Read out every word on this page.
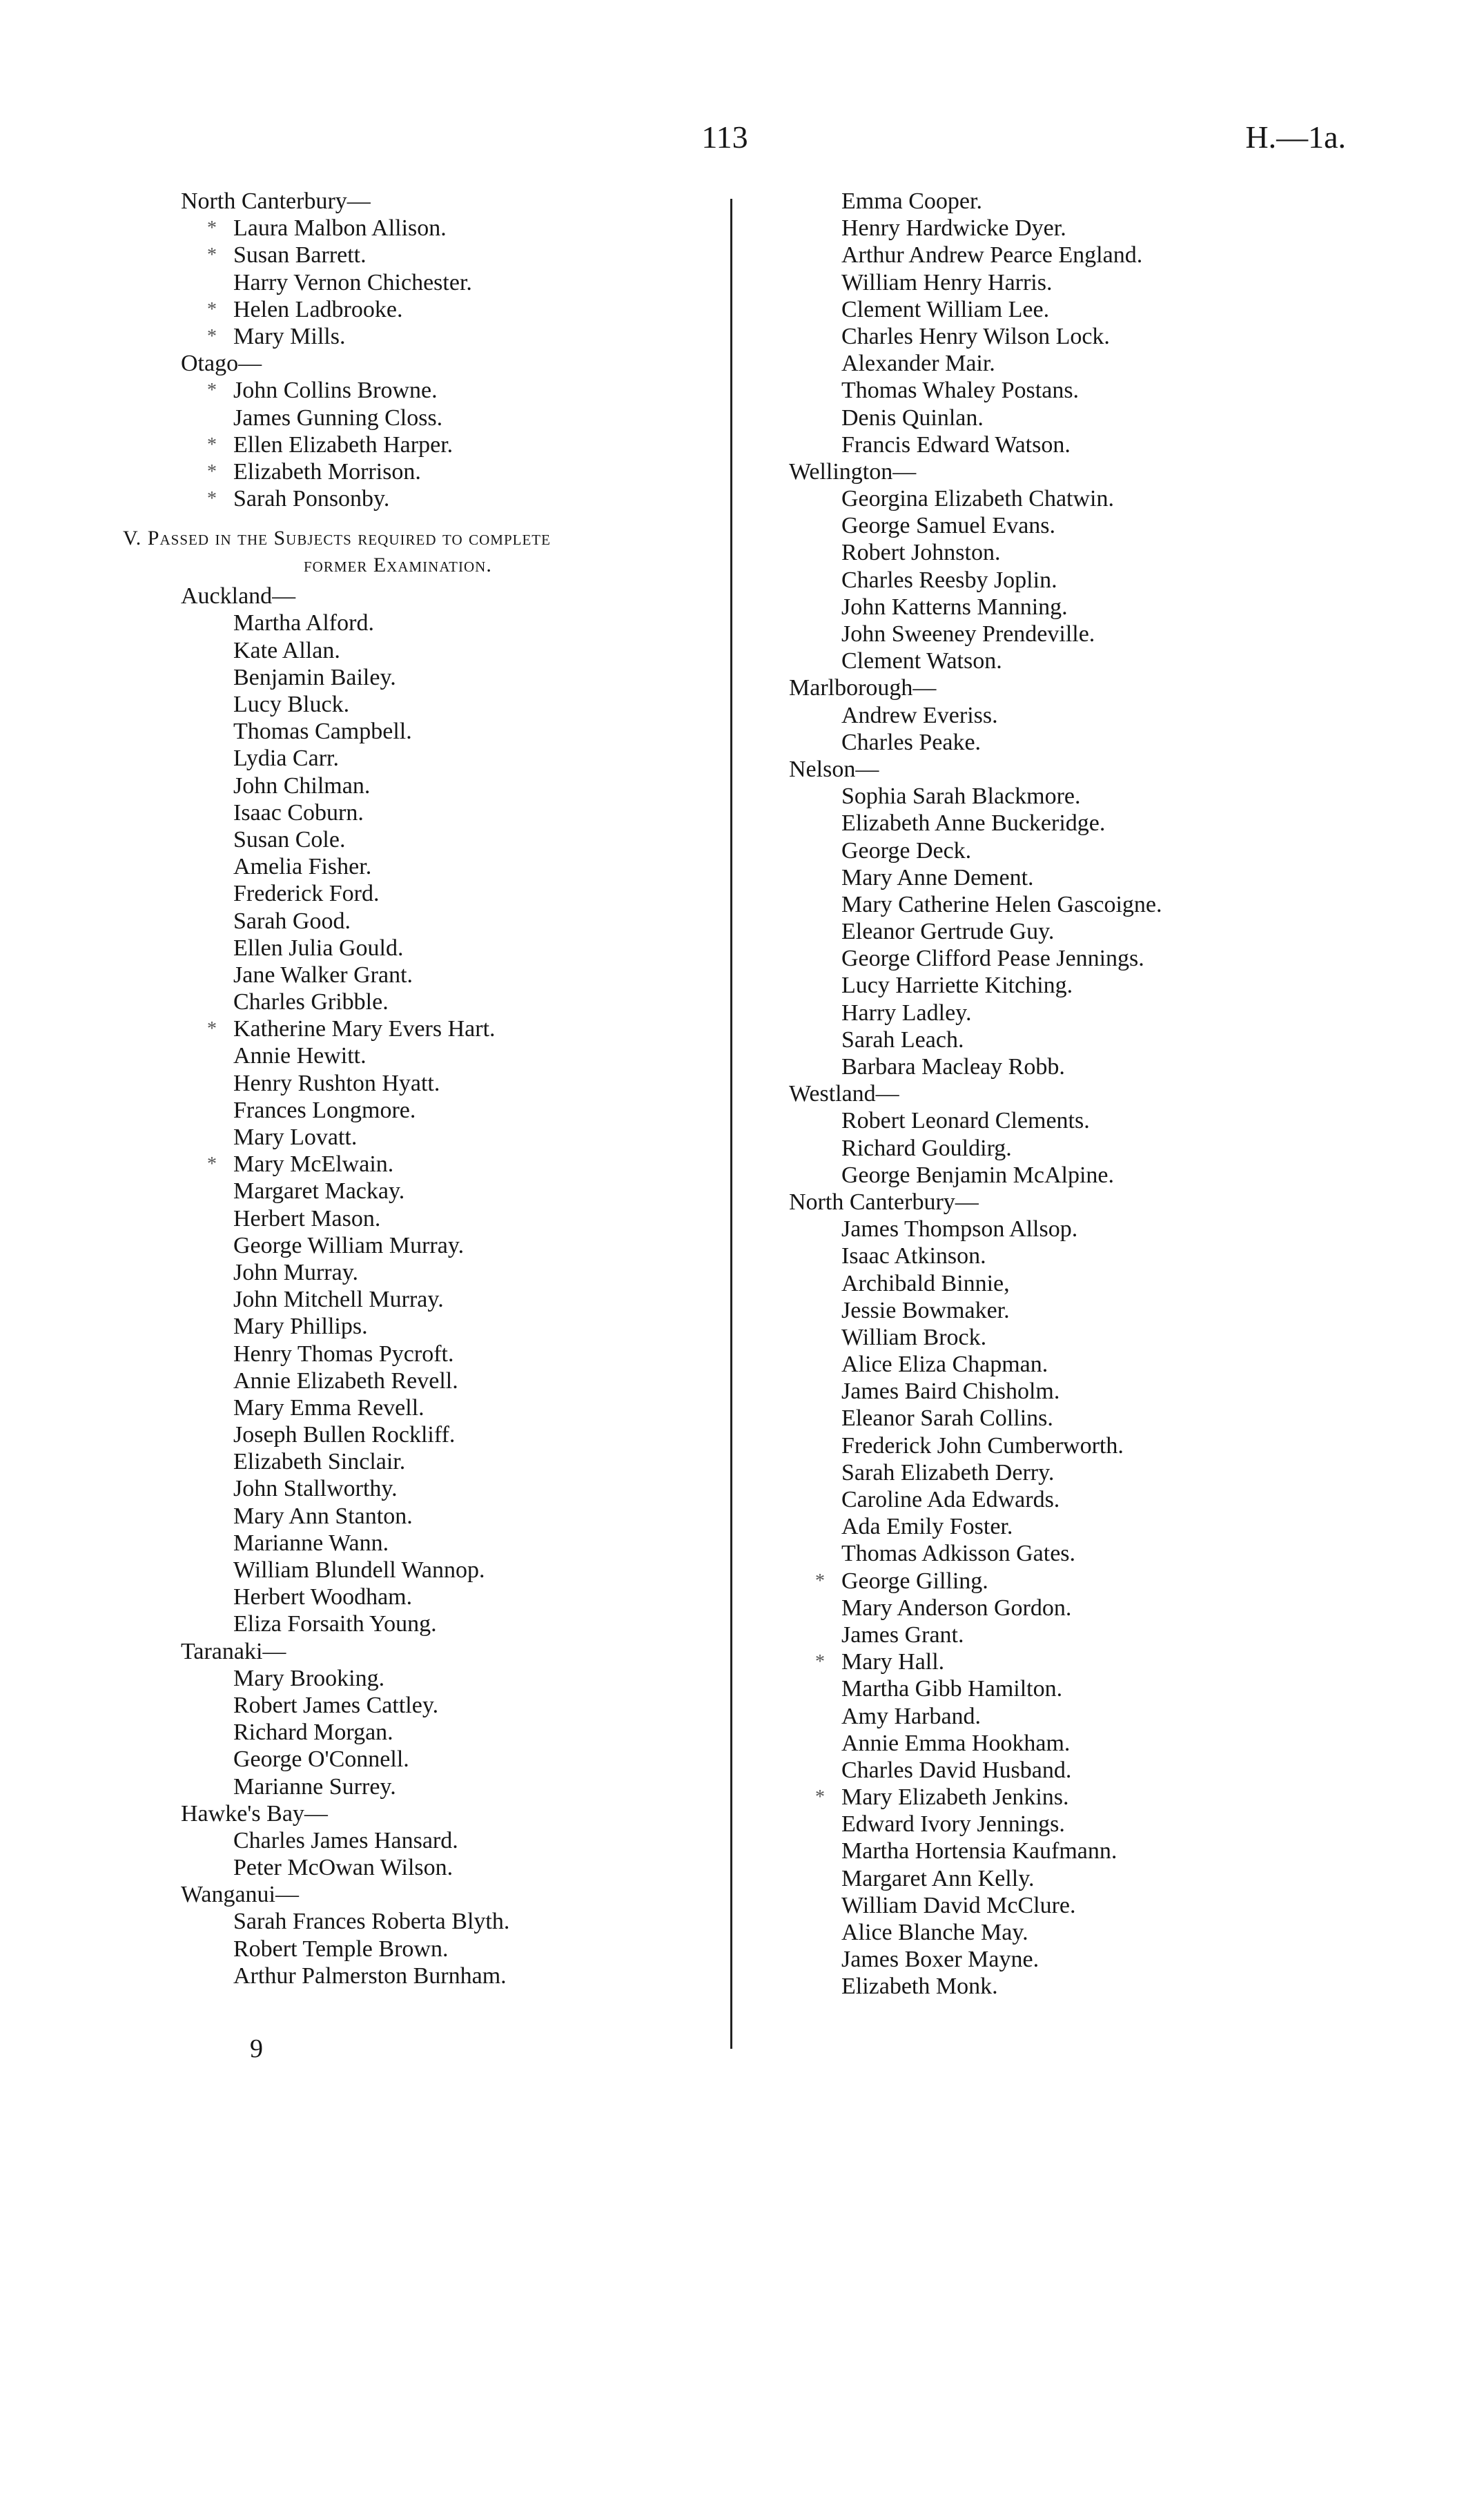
113	H.—1a.
North Canterbury—
* Laura Malbon Allison.
* Susan Barrett.
Harry Vernon Chichester.
* Helen Ladbrooke.
* Mary Mills.
Otago—
* John Collins Browne.
James Gunning Closs.
* Ellen Elizabeth Harper.
* Elizabeth Morrison.
* Sarah Ponsonby.
V. Passed in the Subjects required to complete
former Examination.
Auckland—
Martha Alford.
Kate Allan.
Benjamin Bailey.
Lucy Bluck.
Thomas Campbell.
Lydia Carr.
John Chilman.
Isaac Coburn.
Susan Cole.
Amelia Fisher.
Frederick Ford.
Sarah Good.
Ellen Julia Gould.
Jane Walker Grant.
Charles Gribble.
* Katherine Mary Evers Hart.
Annie Hewitt.
Henry Rushton Hyatt.
Frances Longmore.
Mary Lovatt.
* Mary McElwain.
Margaret Mackay.
Herbert Mason.
George William Murray.
John Murray.
John Mitchell Murray.
Mary Phillips.
Henry Thomas Pycroft.
Annie Elizabeth Revell.
Mary Emma Revell.
Joseph Bullen Rockliff.
Elizabeth Sinclair.
John Stallworthy.
Mary Ann Stanton.
Marianne Wann.
William Blundell Wannop.
Herbert Woodham.
Eliza Forsaith Young.
Taranaki—
Mary Brooking.
Robert James Cattley.
Richard Morgan.
George O'Connell.
Marianne Surrey.
Hawke's Bay—
Charles James Hansard.
Peter McOwan Wilson.
Wanganui—
Sarah Frances Roberta Blyth.
Robert Temple Brown.
Arthur Palmerston Burnham.
Emma Cooper.
Henry Hardwicke Dyer.
Arthur Andrew Pearce England.
William Henry Harris.
Clement William Lee.
Charles Henry Wilson Lock.
Alexander Mair.
Thomas Whaley Postans.
Denis Quinlan.
Francis Edward Watson.
Wellington—
Georgina Elizabeth Chatwin.
George Samuel Evans.
Robert Johnston.
Charles Reesby Joplin.
John Katterns Manning.
John Sweeney Prendeville.
Clement Watson.
Marlborough—
Andrew Everiss.
Charles Peake.
Nelson—
Sophia Sarah Blackmore.
Elizabeth Anne Buckeridge.
George Deck.
Mary Anne Dement.
Mary Catherine Helen Gascoigne.
Eleanor Gertrude Guy.
George Clifford Pease Jennings.
Lucy Harriette Kitching.
Harry Ladley.
Sarah Leach.
Barbara Macleay Robb.
Westland—
Robert Leonard Clements.
Richard Gouldirg.
George Benjamin McAlpine.
North Canterbury—
James Thompson Allsop.
Isaac Atkinson.
Archibald Binnie,
Jessie Bowmaker.
William Brock.
Alice Eliza Chapman.
James Baird Chisholm.
Eleanor Sarah Collins.
Frederick John Cumberworth.
Sarah Elizabeth Derry.
Caroline Ada Edwards.
Ada Emily Foster.
Thomas Adkisson Gates.
* George Gilling.
Mary Anderson Gordon.
James Grant.
* Mary Hall.
Martha Gibb Hamilton.
Amy Harband.
Annie Emma Hookham.
Charles David Husband.
* Mary Elizabeth Jenkins.
Edward Ivory Jennings.
Martha Hortensia Kaufmann.
Margaret Ann Kelly.
William David McClure.
Alice Blanche May.
James Boxer Mayne.
Elizabeth Monk.
9
